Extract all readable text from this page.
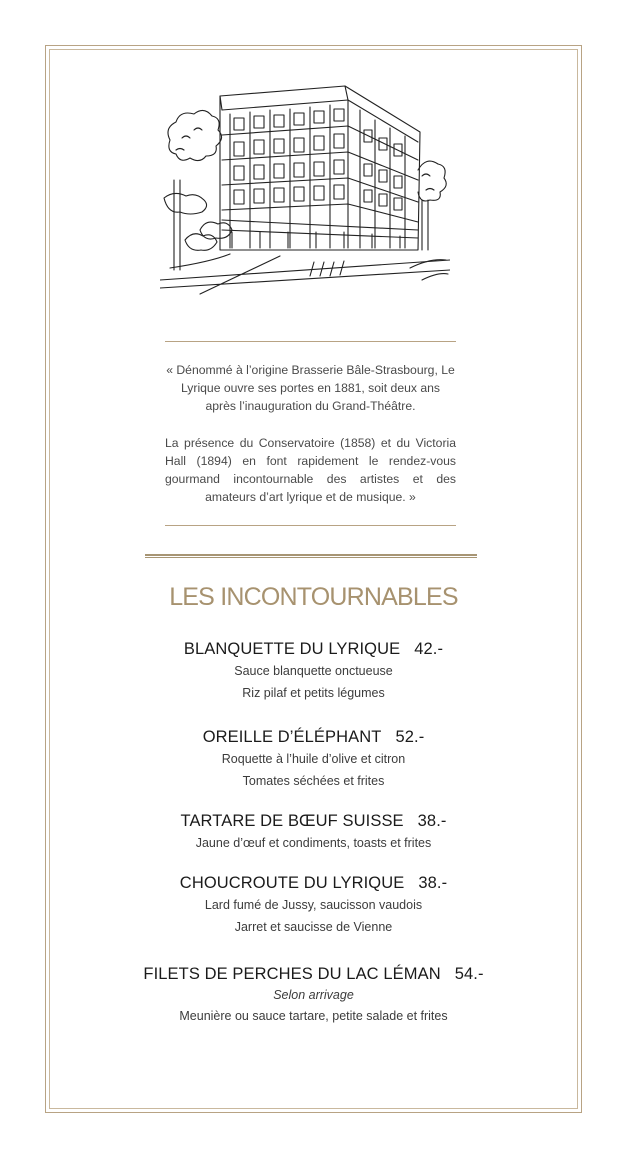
« Dénommé à l’origine Brasserie Bâle-Strasbourg, Le Lyrique ouvre ses portes en 1881, soit deux ans après l’inauguration du Grand-Théâtre.

La présence du Conservatoire (1858) et du Victoria Hall (1894) en font rapidement le rendez-vous gourmand incontournable des artistes et des amateurs d’art lyrique et de musique. »

LES INCONTOURNABLES
BLANQUETTE DU LYRIQUE 42.-
Sauce blanquette onctueuse
Riz pilaf et petits légumes
OREILLE D’ÉLÉPHANT 52.-
Roquette à l’huile d’olive et citron
Tomates séchées et frites
TARTARE DE BŒUF SUISSE 38.-
Jaune d’œuf et condiments, toasts et frites
CHOUCROUTE DU LYRIQUE 38.-
Lard fumé de Jussy, saucisson vaudois
Jarret et saucisse de Vienne
FILETS DE PERCHES DU LAC LÉMAN 54.-
Selon arrivage
Meunière ou sauce tartare, petite salade et frites
